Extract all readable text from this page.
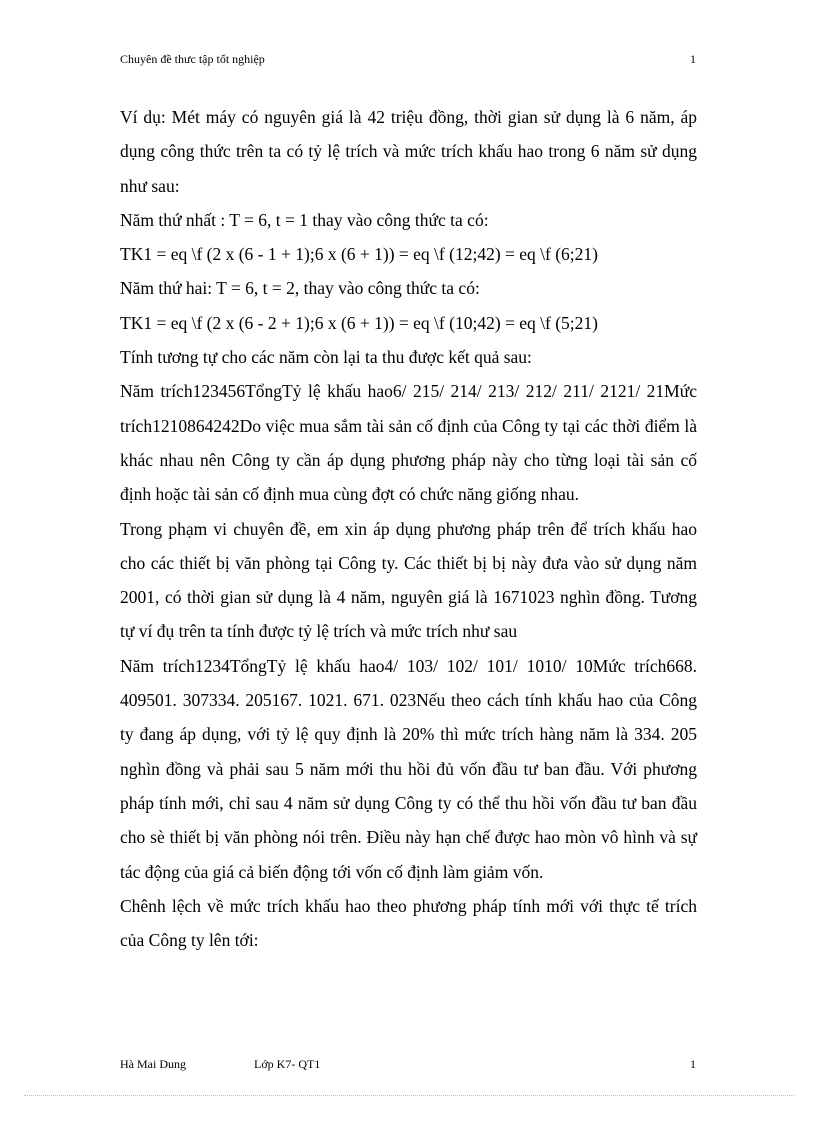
Chuyên đề thưc tập tốt nghiệp	1

Ví dụ: Mét máy có nguyên giá là 42 triệu đồng, thời gian sử dụng là 6 năm, áp dụng công thức trên ta có tỷ lệ trích và mức trích khấu hao trong 6 năm sử dụng như sau:

Năm thứ nhất : T = 6, t = 1 thay vào công thức ta có:

TK1 = eq \f (2 x (6 - 1 + 1);6 x (6 + 1)) = eq \f (12;42) = eq \f (6;21)

Năm thứ hai: T = 6, t = 2, thay vào công thức ta có:

TK1 = eq \f (2 x (6 - 2 + 1);6 x (6 + 1)) = eq \f (10;42) = eq \f (5;21)

Tính tương tự cho các năm còn lại ta thu được kết quả sau:

Năm trích123456TổngTỷ lệ khấu hao6/ 215/ 214/ 213/ 212/ 211/ 2121/ 21Mức trích1210864242Do việc mua sắm tài sản cố định của Công ty tại các thời điểm là khác nhau nên Công ty cần áp dụng phương pháp này cho từng loại tài sản cố định hoặc tài sản cố định mua cùng đợt có chức năng giống nhau.

Trong phạm vi chuyên đề, em xin áp dụng phương pháp trên để trích khấu hao cho các thiết bị văn phòng tại Công ty. Các thiết bị bị này đưa vào sử dụng năm 2001, có thời gian sử dụng là 4 năm, nguyên giá là 1671023 nghìn đồng. Tương tự ví đụ trên ta tính được tỷ lệ trích và mức trích như sau

Năm trích1234TổngTỷ lệ khấu hao4/ 103/ 102/ 101/ 1010/ 10Mức trích668. 409501. 307334. 205167. 1021. 671. 023Nếu theo cách tính khấu hao của Công ty đang áp dụng, với tỷ lệ quy định là 20% thì mức trích hàng năm là 334. 205 nghìn đồng và phải sau 5 năm mới thu hồi đủ vốn đầu tư ban đầu. Với phương pháp tính mới, chỉ sau 4 năm sử dụng Công ty có thể thu hồi vốn đầu tư ban đầu cho sè thiết bị văn phòng nói trên. Điều này hạn chế được hao mòn vô hình và sự tác động của giá cả biến động tới vốn cố định làm giảm vốn.

Chênh lệch về mức trích khấu hao theo phương pháp tính mới với thực tế trích của Công ty lên tới:

Hà Mai Dung	Lớp K7- QT1	1
